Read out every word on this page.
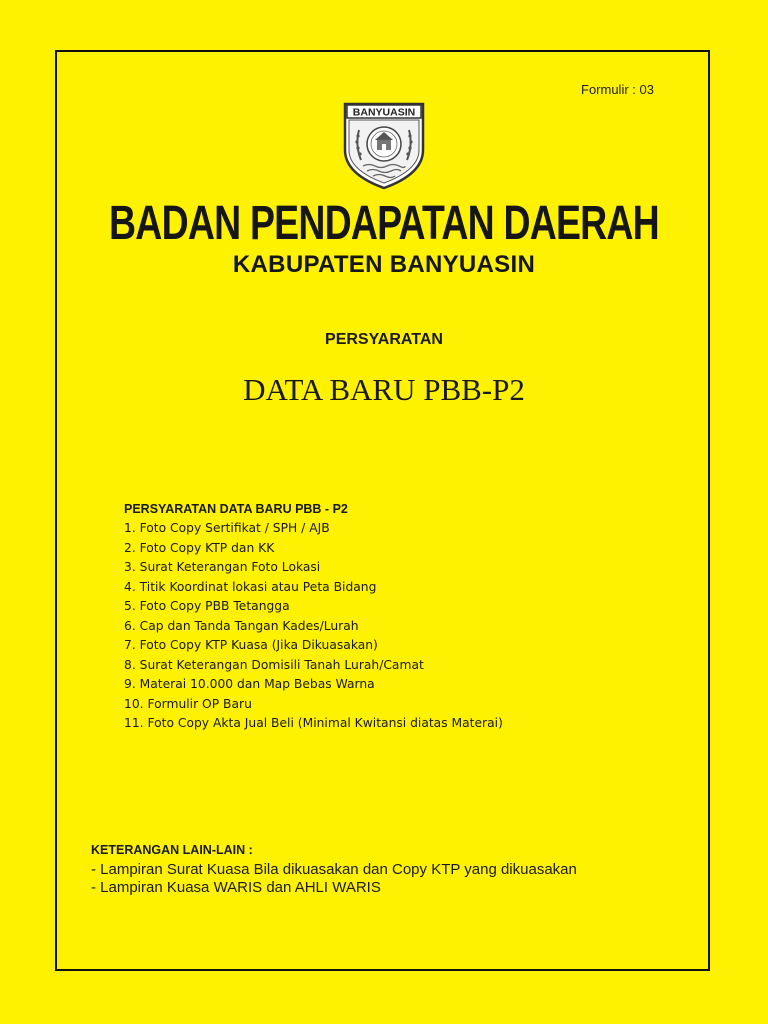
Formulir : 03
BANYUASIN
BADAN PENDAPATAN DAERAH
KABUPATEN BANYUASIN
PERSYARATAN
DATA BARU PBB-P2
PERSYARATAN DATA BARU PBB - P2
1. Foto Copy Sertifikat / SPH / AJB
2. Foto Copy KTP dan KK
3. Surat Keterangan Foto Lokasi
4. Titik Koordinat lokasi atau Peta Bidang
5. Foto Copy PBB Tetangga
6. Cap dan Tanda Tangan Kades/Lurah
7. Foto Copy KTP Kuasa (Jika Dikuasakan)
8. Surat Keterangan Domisili Tanah Lurah/Camat
9. Materai 10.000 dan Map Bebas Warna
10. Formulir OP Baru
11. Foto Copy Akta Jual Beli (Minimal Kwitansi diatas Materai)
KETERANGAN LAIN-LAIN :
- Lampiran Surat Kuasa Bila dikuasakan dan Copy KTP yang dikuasakan
- Lampiran Kuasa WARIS dan AHLI WARIS
